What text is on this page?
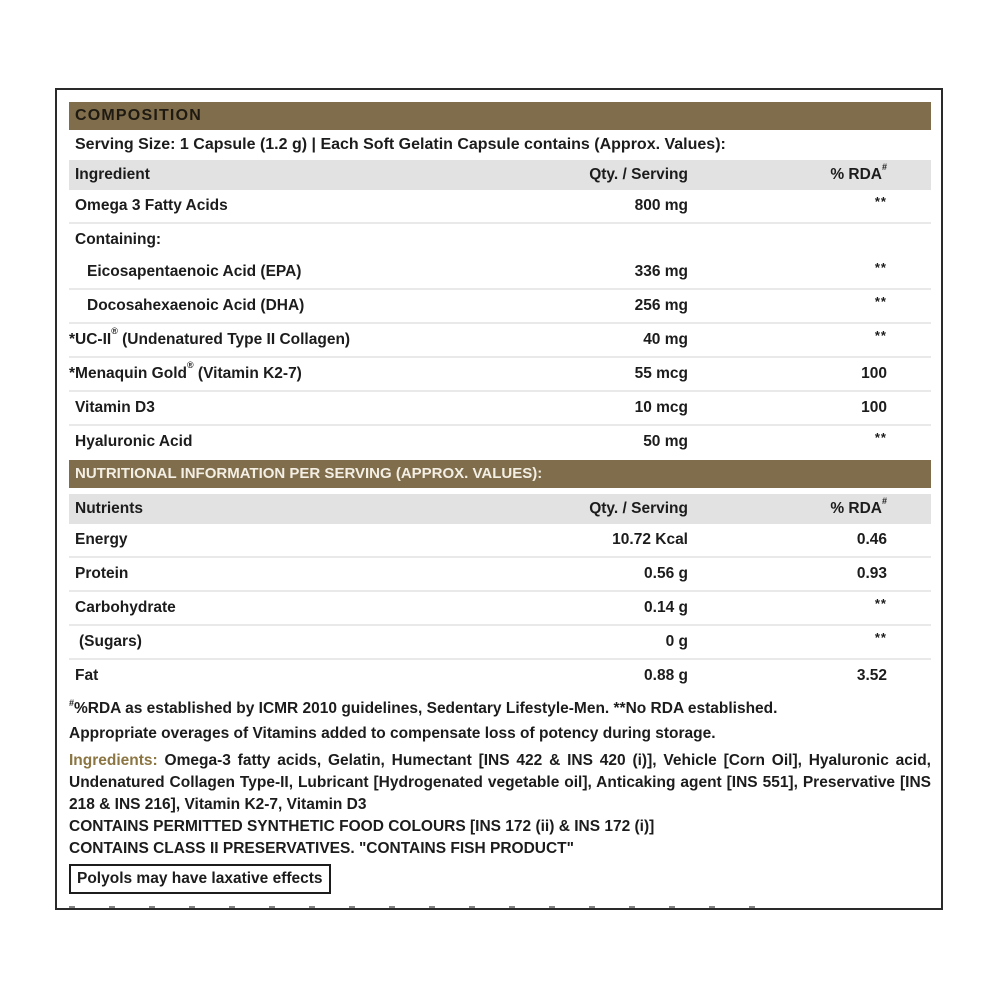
COMPOSITION
Serving Size: 1 Capsule (1.2 g) | Each Soft Gelatin Capsule contains (Approx. Values):
Ingredient	Qty. / Serving	% RDA#
Omega 3 Fatty Acids	800 mg	**
Containing:
Eicosapentaenoic Acid (EPA)	336 mg	**
Docosahexaenoic Acid (DHA)	256 mg	**
*UC-II® (Undenatured Type II Collagen)	40 mg	**
*Menaquin Gold® (Vitamin K2-7)	55 mcg	100
Vitamin D3	10 mcg	100
Hyaluronic Acid	50 mg	**
NUTRITIONAL INFORMATION PER SERVING (APPROX. VALUES):
Nutrients	Qty. / Serving	% RDA#
Energy	10.72 Kcal	0.46
Protein	0.56 g	0.93
Carbohydrate	0.14 g	**
(Sugars)	0 g	**
Fat	0.88 g	3.52

#%RDA as established by ICMR 2010 guidelines, Sedentary Lifestyle-Men. **No RDA established.

Appropriate overages of Vitamins added to compensate loss of potency during storage.

Ingredients: Omega-3 fatty acids, Gelatin, Humectant [INS 422 & INS 420 (i)], Vehicle [Corn Oil], Hyaluronic acid, Undenatured Collagen Type-II, Lubricant [Hydrogenated vegetable oil], Anticaking agent [INS 551], Preservative [INS 218 & INS 216], Vitamin K2-7, Vitamin D3

CONTAINS PERMITTED SYNTHETIC FOOD COLOURS [INS 172 (ii) & INS 172 (i)]

CONTAINS CLASS II PRESERVATIVES. "CONTAINS FISH PRODUCT"

Polyols may have laxative effects
